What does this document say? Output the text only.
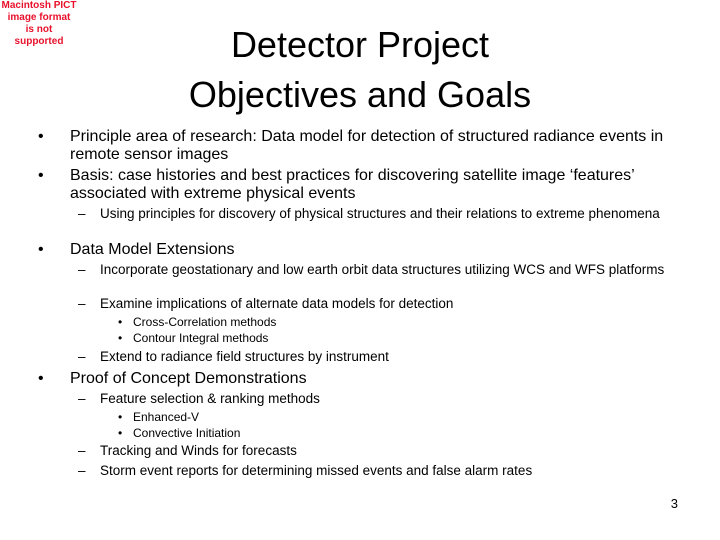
Macintosh PICT
image format
is not supported	Detector Project
Objectives and Goals
• Principle area of research: Data model for detection of structured radiance events in remote sensor images
• Basis: case histories and best practices for discovering satellite image ‘features’ associated with extreme physical events
– Using principles for discovery of physical structures and their relations to extreme phenomena
• Data Model Extensions
– Incorporate geostationary and low earth orbit data structures utilizing WCS and WFS platforms
– Examine implications of alternate data models for detection
• Cross-Correlation methods
• Contour Integral methods
– Extend to radiance field structures by instrument
• Proof of Concept Demonstrations
– Feature selection & ranking methods
• Enhanced-V
• Convective Initiation
– Tracking and Winds for forecasts
– Storm event reports for determining missed events and false alarm rates
3
